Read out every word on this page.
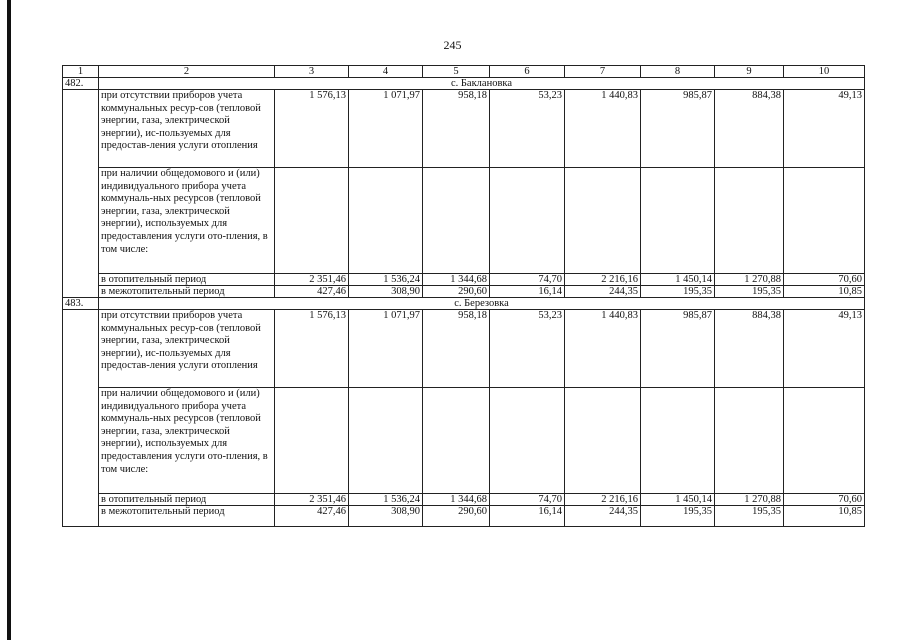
245
1	2	3	4	5	6	7	8	9	10
482.	с. Баклановка								
	при отсутствии приборов учета коммунальных ресур-сов (тепловой энергии, газа, электрической энергии), ис-пользуемых для предостав-ления услуги отопления	1 576,13	1 071,97	958,18	53,23	1 440,83	985,87	884,38	49,13
	при наличии общедомового и (или) индивидуального прибора учета коммуналь-ных ресурсов (тепловой энергии, газа, электрической энергии), используемых для предоставления услуги ото-пления, в том числе:								
	в отопительный период	2 351,46	1 536,24	1 344,68	74,70	2 216,16	1 450,14	1 270,88	70,60
	в межотопительный период	427,46	308,90	290,60	16,14	244,35	195,35	195,35	10,85
483.	с. Березовка								
	при отсутствии приборов учета коммунальных ресур-сов (тепловой энергии, газа, электрической энергии), ис-пользуемых для предостав-ления услуги отопления	1 576,13	1 071,97	958,18	53,23	1 440,83	985,87	884,38	49,13
	при наличии общедомового и (или) индивидуального прибора учета коммуналь-ных ресурсов (тепловой энергии, газа, электрической энергии), используемых для предоставления услуги ото-пления, в том числе:								
	в отопительный период	2 351,46	1 536,24	1 344,68	74,70	2 216,16	1 450,14	1 270,88	70,60
	в межотопительный период	427,46	308,90	290,60	16,14	244,35	195,35	195,35	10,85
